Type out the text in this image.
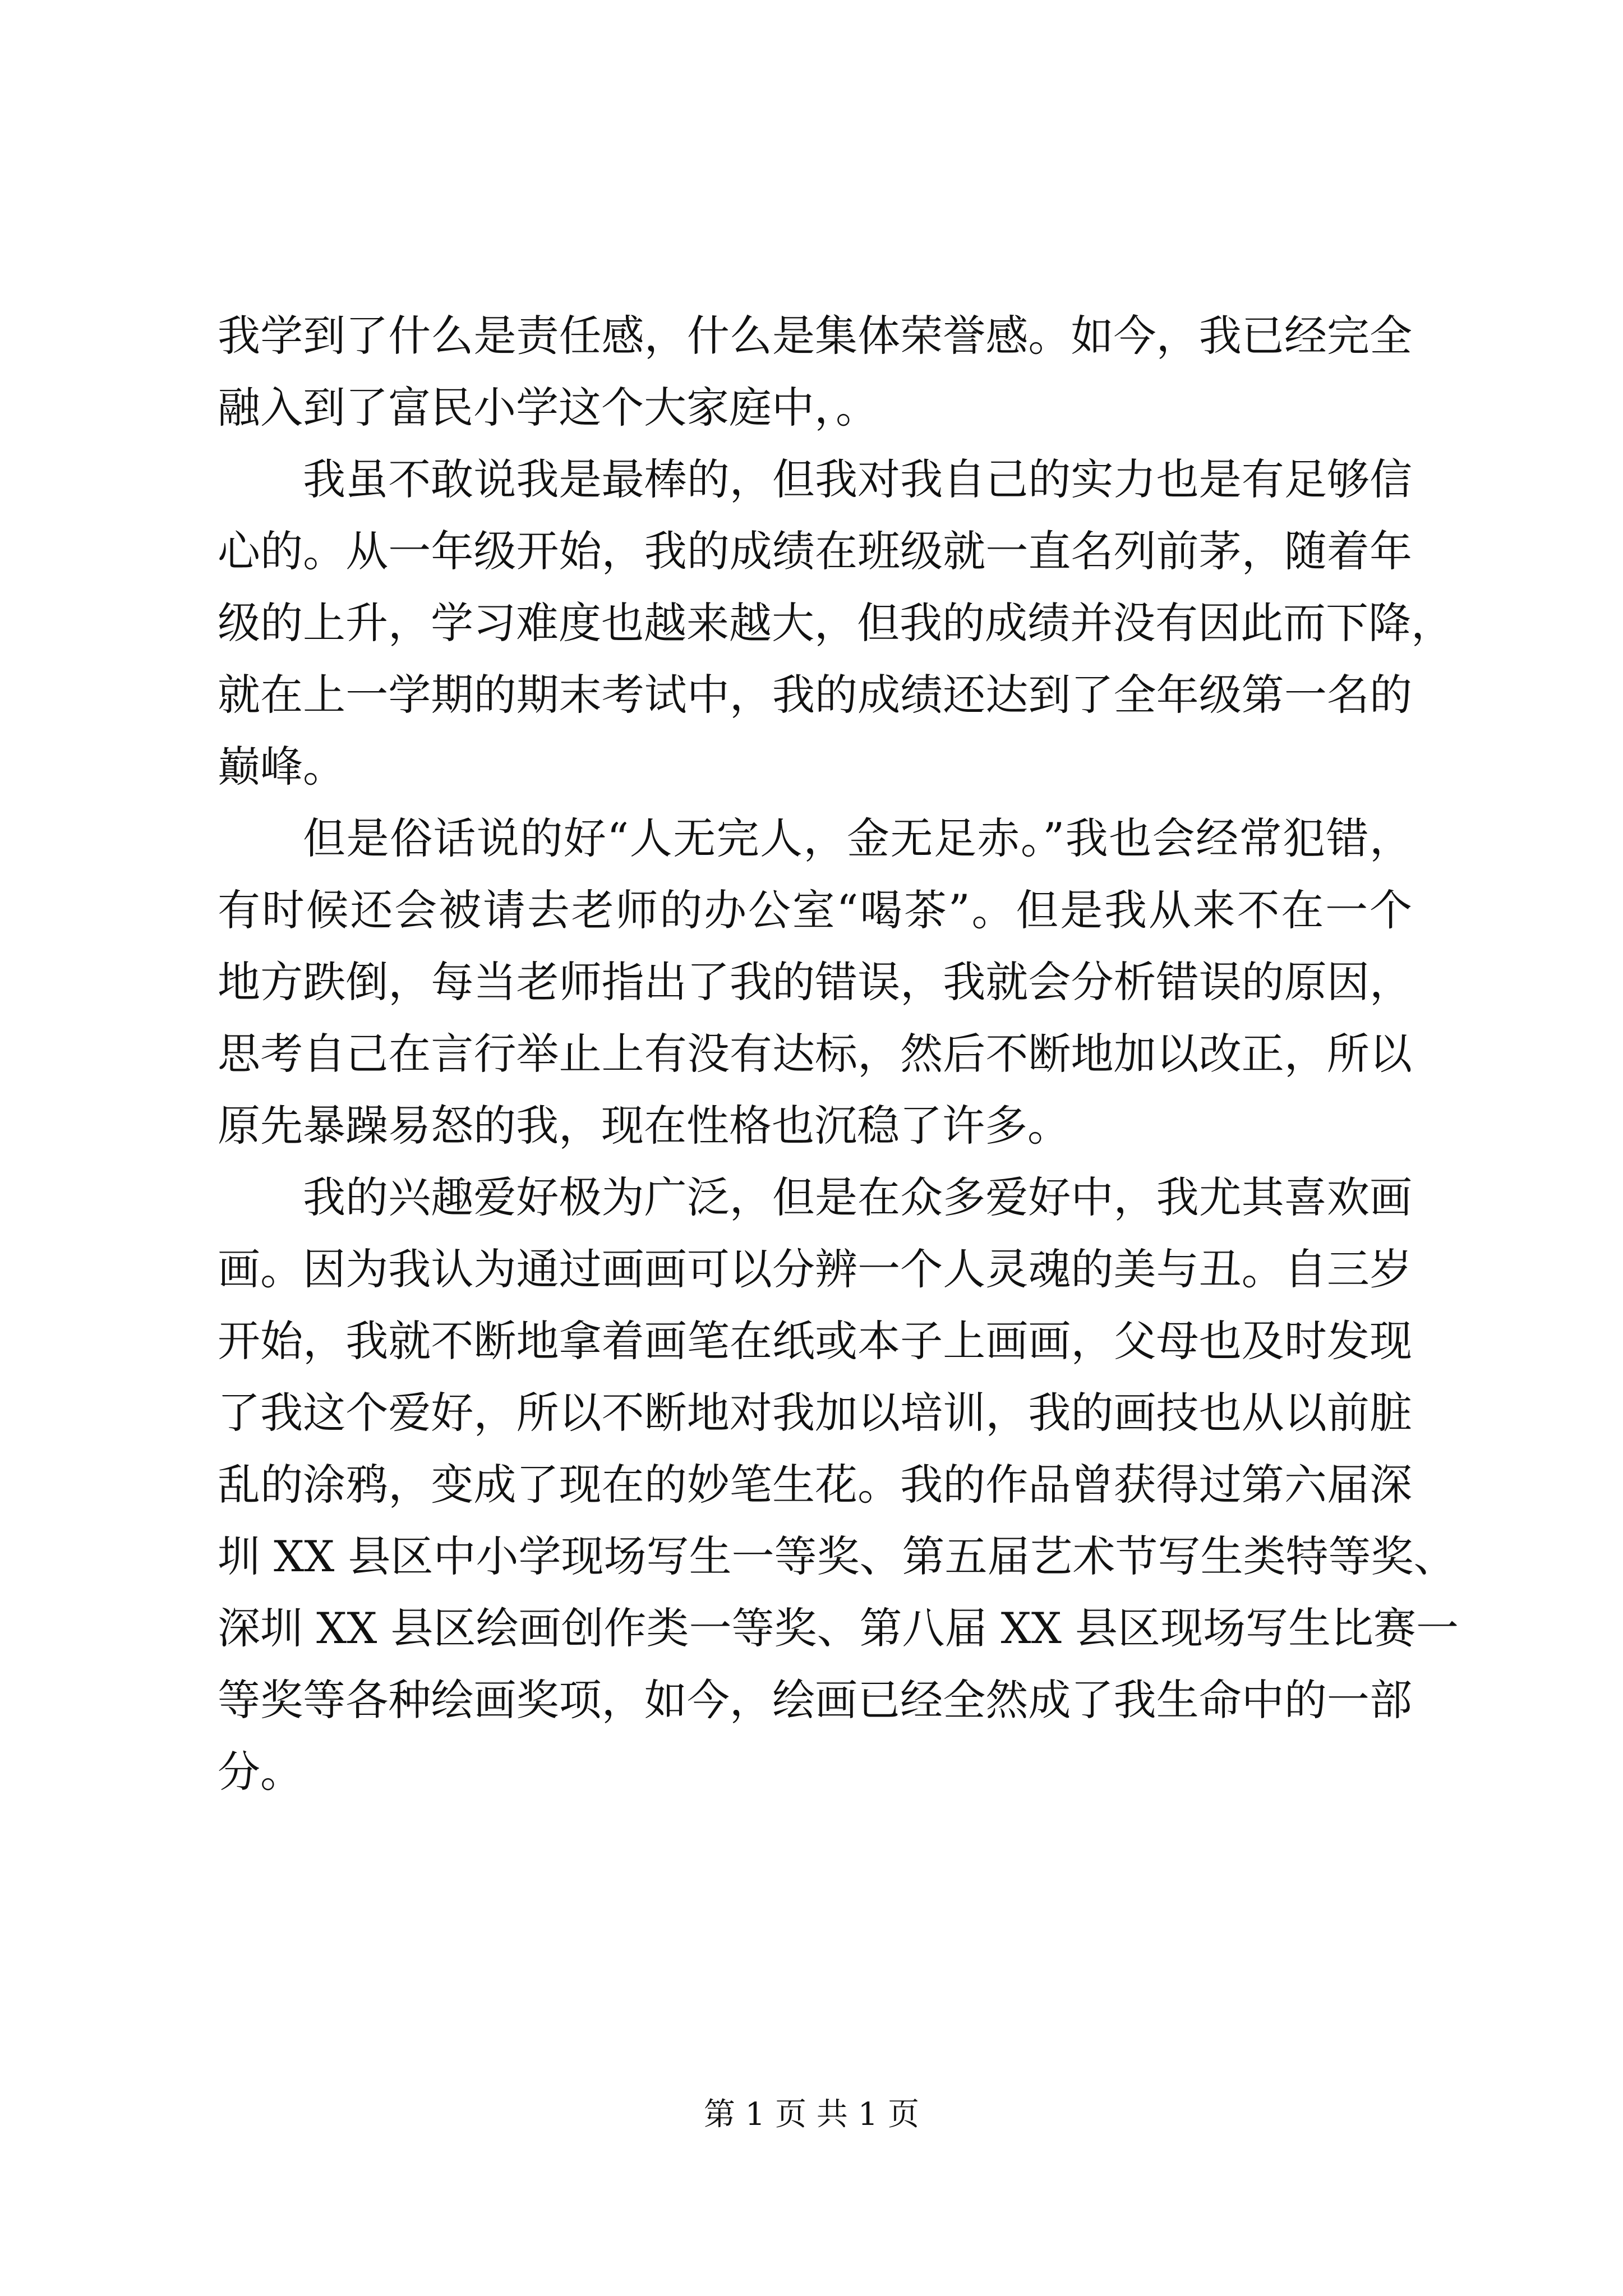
我学到了什么是责任感，什么是集体荣誉感。如今，我已经完全
融入到了富民小学这个大家庭中，。
我虽不敢说我是最棒的，但我对我自己的实力也是有足够信
心的。从一年级开始，我的成绩在班级就一直名列前茅，随着年
级的上升，学习难度也越来越大，但我的成绩并没有因此而下降，
就在上一学期的期末考试中，我的成绩还达到了全年级第一名的
巅峰。
但是俗话说的好“人无完人，金无足赤。”我也会经常犯错，
有时候还会被请去老师的办公室“喝茶”。但是我从来不在一个
地方跌倒，每当老师指出了我的错误，我就会分析错误的原因，
思考自己在言行举止上有没有达标，然后不断地加以改正，所以
原先暴躁易怒的我，现在性格也沉稳了许多。
我的兴趣爱好极为广泛，但是在众多爱好中，我尤其喜欢画
画。因为我认为通过画画可以分辨一个人灵魂的美与丑。自三岁
开始，我就不断地拿着画笔在纸或本子上画画，父母也及时发现
了我这个爱好，所以不断地对我加以培训，我的画技也从以前脏
乱的涂鸦，变成了现在的妙笔生花。我的作品曾获得过第六届深
圳 XX 县区中小学现场写生一等奖、第五届艺术节写生类特等奖、
深圳 XX 县区绘画创作类一等奖、第八届 XX 县区现场写生比赛一
等奖等各种绘画奖项，如今，绘画已经全然成了我生命中的一部
分。
第 1 页 共 1 页
